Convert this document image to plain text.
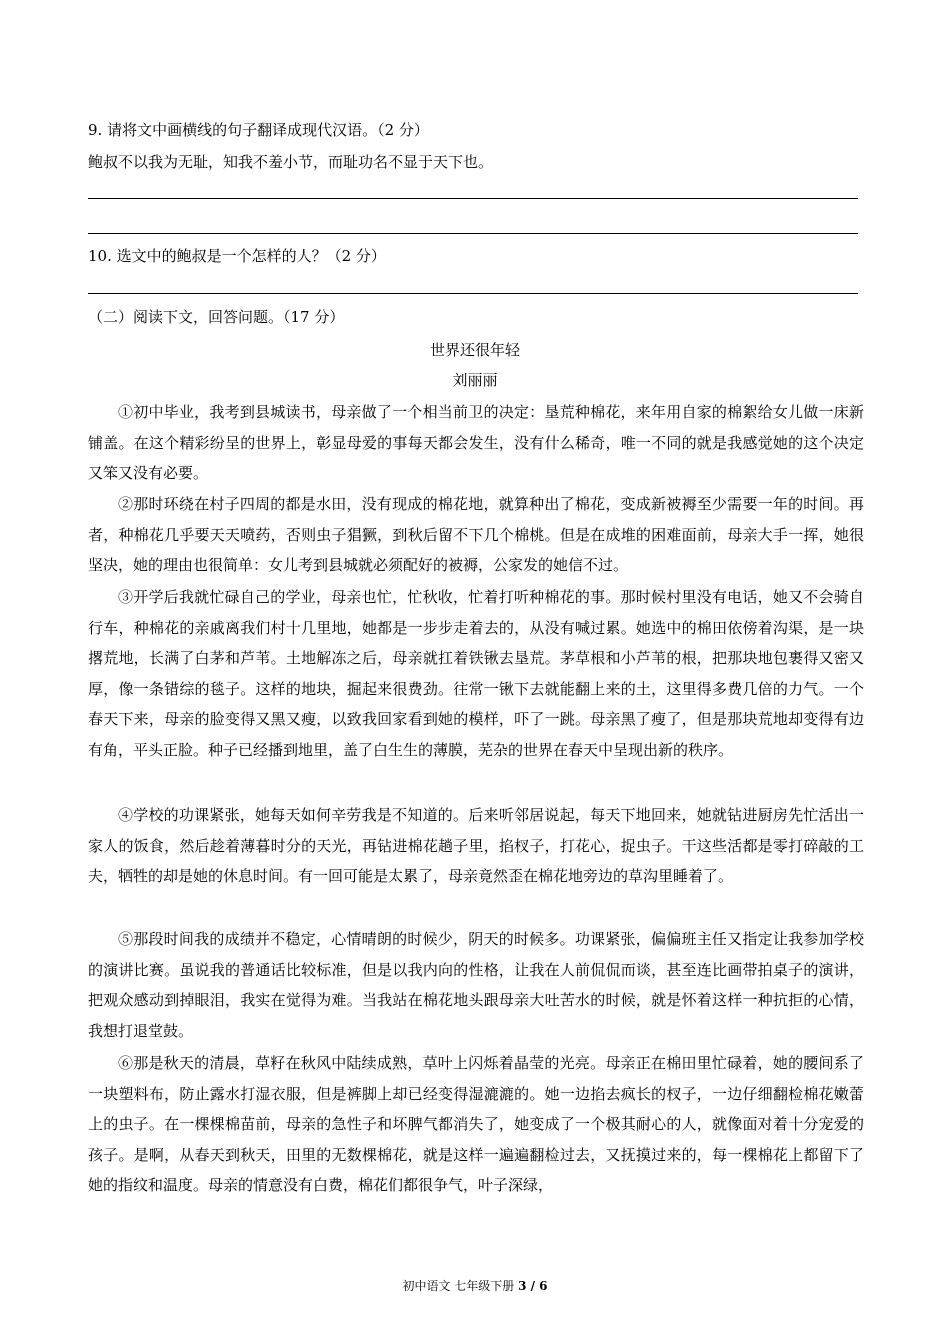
9. 请将文中画横线的句子翻译成现代汉语。（2 分）
鲍叔不以我为无耻，知我不羞小节，而耻功名不显于天下也。
10. 选文中的鲍叔是一个怎样的人？（2 分）
（二）阅读下文，回答问题。（17 分）
世界还很年轻
刘丽丽
①初中毕业，我考到县城读书，母亲做了一个相当前卫的决定：垦荒种棉花，来年用自家的棉絮给女儿做一床新铺盖。在这个精彩纷呈的世界上，彰显母爱的事每天都会发生，没有什么稀奇，唯一不同的就是我感觉她的这个决定又笨又没有必要。
②那时环绕在村子四周的都是水田，没有现成的棉花地，就算种出了棉花，变成新被褥至少需要一年的时间。再者，种棉花几乎要天天喷药，否则虫子猖獗，到秋后留不下几个棉桃。但是在成堆的困难面前，母亲大手一挥，她很坚决，她的理由也很简单：女儿考到县城就必须配好的被褥，公家发的她信不过。
③开学后我就忙碌自己的学业，母亲也忙，忙秋收，忙着打听种棉花的事。那时候村里没有电话，她又不会骑自行车，种棉花的亲戚离我们村十几里地，她都是一步步走着去的，从没有喊过累。她选中的棉田依傍着沟渠，是一块撂荒地，长满了白茅和芦苇。土地解冻之后，母亲就扛着铁锹去垦荒。茅草根和小芦苇的根，把那块地包裹得又密又厚，像一条错综的毯子。这样的地块，掘起来很费劲。往常一锹下去就能翻上来的土，这里得多费几倍的力气。一个春天下来，母亲的脸变得又黑又瘦，以致我回家看到她的模样，吓了一跳。母亲黑了瘦了，但是那块荒地却变得有边有角，平头正脸。种子已经播到地里，盖了白生生的薄膜，芜杂的世界在春天中呈现出新的秩序。
④学校的功课紧张，她每天如何辛劳我是不知道的。后来听邻居说起，每天下地回来，她就钻进厨房先忙活出一家人的饭食，然后趁着薄暮时分的天光，再钻进棉花趟子里，掐杈子，打花心，捉虫子。干这些活都是零打碎敲的工夫，牺牲的却是她的休息时间。有一回可能是太累了，母亲竟然歪在棉花地旁边的草沟里睡着了。
⑤那段时间我的成绩并不稳定，心情晴朗的时候少，阴天的时候多。功课紧张，偏偏班主任又指定让我参加学校的演讲比赛。虽说我的普通话比较标准，但是以我内向的性格，让我在人前侃侃而谈，甚至连比画带拍桌子的演讲，把观众感动到掉眼泪，我实在觉得为难。当我站在棉花地头跟母亲大吐苦水的时候，就是怀着这样一种抗拒的心情，我想打退堂鼓。
⑥那是秋天的清晨，草籽在秋风中陆续成熟，草叶上闪烁着晶莹的光亮。母亲正在棉田里忙碌着，她的腰间系了一块塑料布，防止露水打湿衣服，但是裤脚上却已经变得湿漉漉的。她一边掐去疯长的杈子，一边仔细翻检棉花嫩蕾上的虫子。在一棵棵棉苗前，母亲的急性子和坏脾气都消失了，她变成了一个极其耐心的人，就像面对着十分宠爱的孩子。是啊，从春天到秋天，田里的无数棵棉花，就是这样一遍遍翻检过去，又抚摸过来的，每一棵棉花上都留下了她的指纹和温度。母亲的情意没有白费，棉花们都很争气，叶子深绿，
初中语文 七年级下册 3 / 6
